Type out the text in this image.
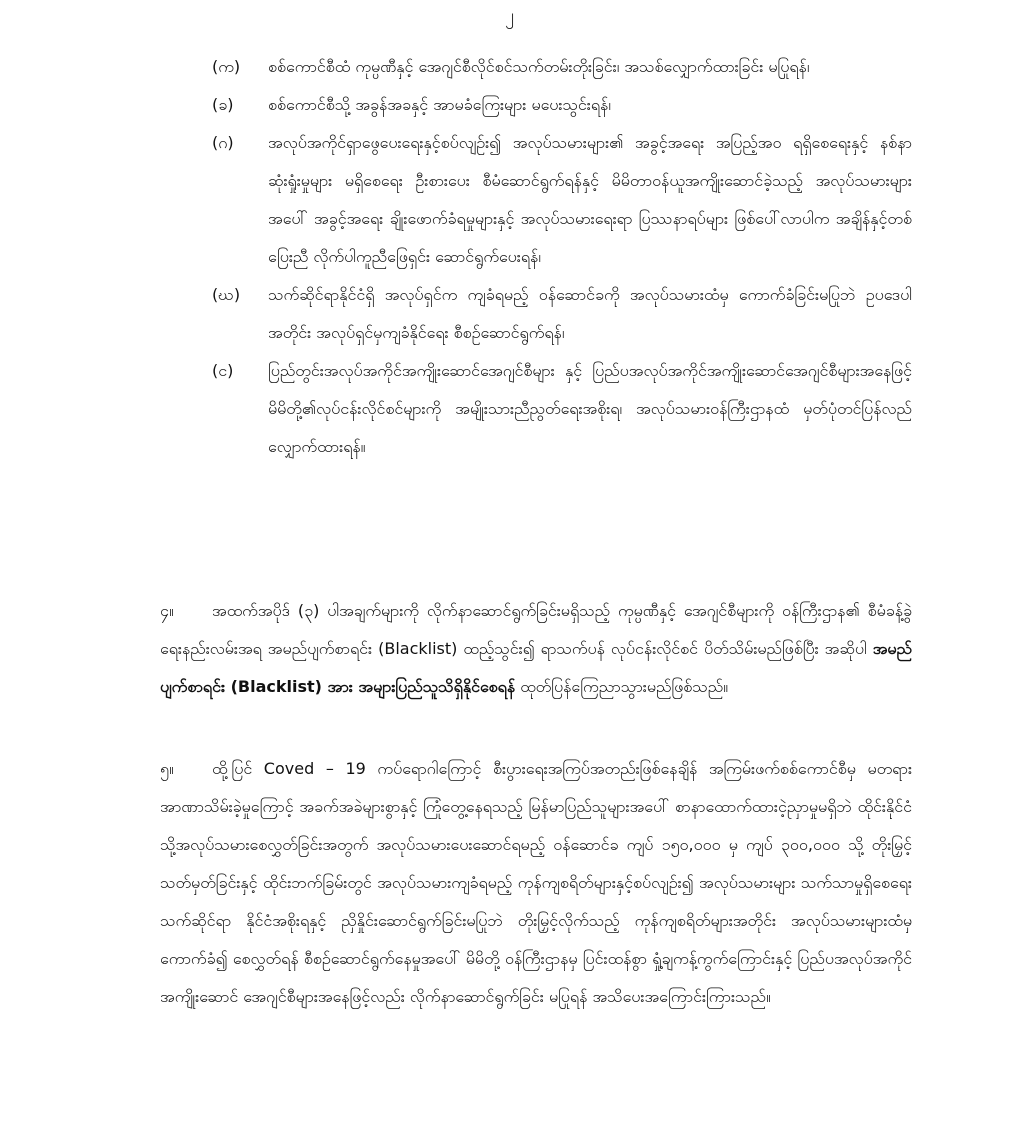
၂
(က)	စစ်ကောင်စီထံ ကုမ္ပဏီနှင့် အေဂျင်စီလိုင်စင်သက်တမ်းတိုးခြင်း၊ အသစ်လျှောက်ထားခြင်း မပြုရန်၊
(ခ)	စစ်ကောင်စီသို့ အခွန်အခနှင့် အာမခံကြေးများ မပေးသွင်းရန်၊
(ဂ)	အလုပ်အကိုင်ရှာဖွေပေးရေးနှင့်စပ်လျဉ်း၍ အလုပ်သမားများ၏ အခွင့်အရေး အပြည့်အဝ ရရှိစေရေးနှင့် နစ်နာဆုံးရှုံးမှုများ မရှိစေရေး ဦးစားပေး စီမံဆောင်ရွက်ရန်နှင့် မိမိတာဝန်ယူအကျိုးဆောင်ခဲ့သည့် အလုပ်သမားများအပေါ် အခွင့်အရေး ချိုးဖောက်ခံရမှုများနှင့် အလုပ်သမားရေးရာ ပြဿနာရပ်များ ဖြစ်ပေါ်လာပါက အချိန်နှင့်တစ်ပြေးညီ လိုက်ပါကူညီဖြေရှင်း ဆောင်ရွက်ပေးရန်၊
(ဃ)	သက်ဆိုင်ရာနိုင်ငံရှိ အလုပ်ရှင်က ကျခံရမည့် ဝန်ဆောင်ခကို အလုပ်သမားထံမှ ကောက်ခံခြင်းမပြုဘဲ ဥပဒေပါအတိုင်း အလုပ်ရှင်မှကျခံနိုင်ရေး စီစဉ်ဆောင်ရွက်ရန်၊
(င)	ပြည်တွင်းအလုပ်အကိုင်အကျိုးဆောင်အေဂျင်စီများ နှင့် ပြည်ပအလုပ်အကိုင်အကျိုးဆောင်အေဂျင်စီများအနေဖြင့်မိမိတို့၏လုပ်ငန်းလိုင်စင်များကို အမျိုးသားညီညွတ်ရေးအစိုးရ၊ အလုပ်သမားဝန်ကြီးဌာနထံ မှတ်ပုံတင်ပြန်လည်လျှောက်ထားရန်။

၄။ အထက်အပိုဒ် (၃) ပါအချက်များကို လိုက်နာဆောင်ရွက်ခြင်းမရှိသည့် ကုမ္ပဏီနှင့် အေဂျင်စီများကို ဝန်ကြီးဌာန၏ စီမံခန့်ခွဲရေးနည်းလမ်းအရ အမည်ပျက်စာရင်း (Blacklist) ထည့်သွင်း၍ ရာသက်ပန် လုပ်ငန်းလိုင်စင် ပိတ်သိမ်းမည်ဖြစ်ပြီး အဆိုပါ အမည်ပျက်စာရင်း (Blacklist) အား အများပြည်သူသိရှိနိုင်စေရန် ထုတ်ပြန်ကြေညာသွားမည်ဖြစ်သည်။

၅။ ထို့ပြင် Coved – 19 ကပ်ရောဂါကြောင့် စီးပွားရေးအကြပ်အတည်းဖြစ်နေချိန် အကြမ်းဖက်စစ်ကောင်စီမှ မတရားအာဏာသိမ်းခဲ့မှုကြောင့် အခက်အခဲများစွာနှင့် ကြုံတွေ့နေရသည့် မြန်မာပြည်သူများအပေါ် စာနာထောက်ထားငဲ့ညှာမှုမရှိဘဲ ထိုင်းနိုင်ငံသို့အလုပ်သမားစေလွှတ်ခြင်းအတွက် အလုပ်သမားပေးဆောင်ရမည့် ဝန်ဆောင်ခ ကျပ် ၁၅၀,၀၀၀ မှ ကျပ် ၃၀၀,၀၀၀ သို့ တိုးမြှင့်သတ်မှတ်ခြင်းနှင့် ထိုင်းဘက်ခြမ်းတွင် အလုပ်သမားကျခံရမည့် ကုန်ကျစရိတ်များနှင့်စပ်လျဉ်း၍ အလုပ်သမားများ သက်သာမှုရှိစေရေး သက်ဆိုင်ရာ နိုင်ငံအစိုးရနှင့် ညှိနှိုင်းဆောင်ရွက်ခြင်းမပြုဘဲ တိုးမြှင့်လိုက်သည့် ကုန်ကျစရိတ်များအတိုင်း အလုပ်သမားများထံမှ ကောက်ခံ၍ စေလွှတ်ရန် စီစဉ်ဆောင်ရွက်နေမှုအပေါ် မိမိတို့ ဝန်ကြီးဌာနမှ ပြင်းထန်စွာ ရှုံ့ချကန့်ကွက်ကြောင်းနှင့် ပြည်ပအလုပ်အကိုင်အကျိုးဆောင် အေဂျင်စီများအနေဖြင့်လည်း လိုက်နာဆောင်ရွက်ခြင်း မပြုရန် အသိပေးအကြောင်းကြားသည်။
